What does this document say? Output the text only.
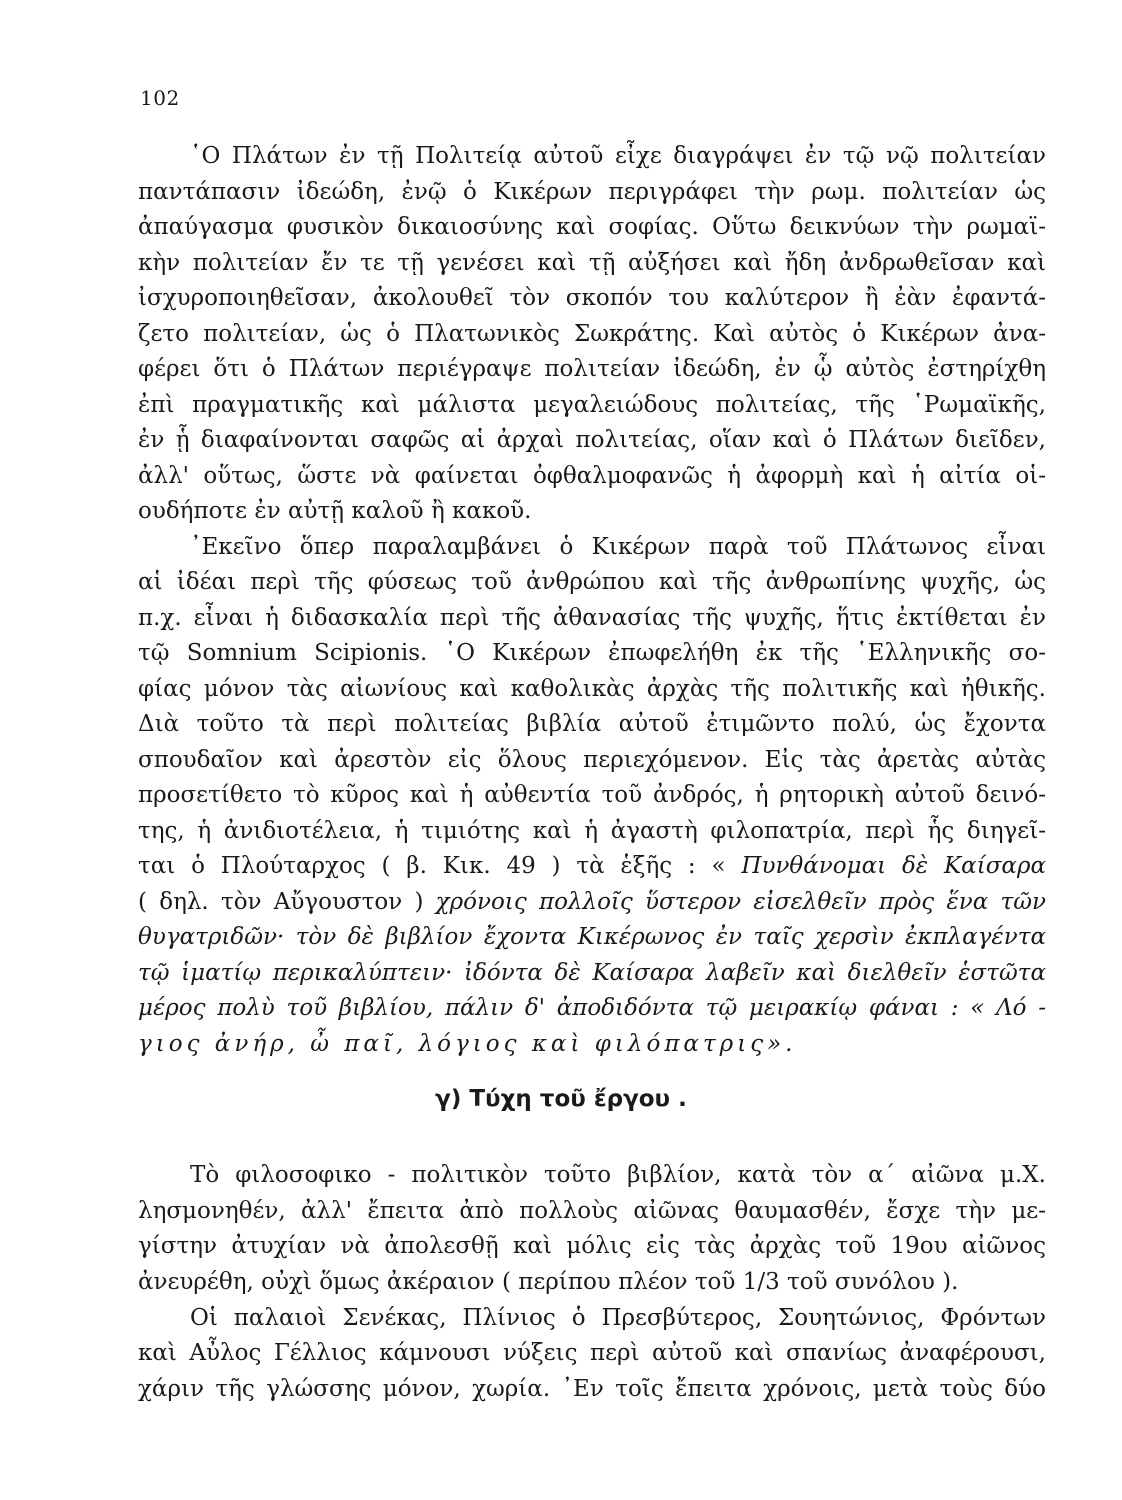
102
῾Ο Πλάτων ἐν τῇ Πολιτείᾳ αὐτοῦ εἶχε διαγράψει ἐν τῷ νῷ πολιτείαν
παντάπασιν ἰδεώδη, ἐνῷ ὁ Κικέρων περιγράφει τὴν ρωμ. πολιτείαν ὡς
ἀπαύγασμα φυσικὸν δικαιοσύνης καὶ σοφίας. Οὕτω δεικνύων τὴν ρωμαϊ-
κὴν πολιτείαν ἔν τε τῇ γενέσει καὶ τῇ αὐξήσει καὶ ἤδη ἀνδρωθεῖσαν καὶ
ἰσχυροποιηθεῖσαν, ἀκολουθεῖ τὸν σκοπόν του καλύτερον ἢ ἐὰν ἐφαντά-
ζετο πολιτείαν, ὡς ὁ Πλατωνικὸς Σωκράτης. Καὶ αὐτὸς ὁ Κικέρων ἀνα-
φέρει ὅτι ὁ Πλάτων περιέγραψε πολιτείαν ἰδεώδη, ἐν ᾧ αὐτὸς ἐστηρίχθη
ἐπὶ πραγματικῆς καὶ μάλιστα μεγαλειώδους πολιτείας, τῆς ῾Ρωμαϊκῆς,
ἐν ᾗ διαφαίνονται σαφῶς αἱ ἀρχαὶ πολιτείας, οἵαν καὶ ὁ Πλάτων διεῖδεν,
ἀλλ' οὕτως, ὥστε νὰ φαίνεται ὀφθαλμοφανῶς ἡ ἀφορμὴ καὶ ἡ αἰτία οἱ-
ουδήποτε ἐν αὐτῇ καλοῦ ἢ κακοῦ.
᾿Εκεῖνο ὅπερ παραλαμβάνει ὁ Κικέρων παρὰ τοῦ Πλάτωνος εἶναι
αἱ ἰδέαι περὶ τῆς φύσεως τοῦ ἀνθρώπου καὶ τῆς ἀνθρωπίνης ψυχῆς, ὡς
π.χ. εἶναι ἡ διδασκαλία περὶ τῆς ἀθανασίας τῆς ψυχῆς, ἥτις ἐκτίθεται ἐν
τῷ Somnium Scipionis. ῾Ο Κικέρων ἐπωφελήθη ἐκ τῆς ῾Ελληνικῆς σο-
φίας μόνον τὰς αἰωνίους καὶ καθολικὰς ἀρχὰς τῆς πολιτικῆς καὶ ἠθικῆς.
Διὰ τοῦτο τὰ περὶ πολιτείας βιβλία αὐτοῦ ἐτιμῶντο πολύ, ὡς ἔχοντα
σπουδαῖον καὶ ἀρεστὸν εἰς ὅλους περιεχόμενον. Εἰς τὰς ἀρετὰς αὐτὰς
προσετίθετο τὸ κῦρος καὶ ἡ αὐθεντία τοῦ ἀνδρός, ἡ ρητορικὴ αὐτοῦ δεινό-
της, ἡ ἀνιδιοτέλεια, ἡ τιμιότης καὶ ἡ ἀγαστὴ φιλοπατρία, περὶ ἧς διηγεῖ-
ται ὁ Πλούταρχος ( β. Κικ. 49 ) τὰ ἑξῆς : « Πυνθάνομαι δὲ Καίσαρα
( δηλ. τὸν Αὔγουστον ) χρόνοις πολλοῖς ὕστερον εἰσελθεῖν πρὸς ἕνα τῶν
θυγατριδῶν· τὸν δὲ βιβλίον ἔχοντα Κικέρωνος ἐν ταῖς χερσὶν ἐκπλαγέντα
τῷ ἱματίῳ περικαλύπτειν· ἰδόντα δὲ Καίσαρα λαβεῖν καὶ διελθεῖν ἑστῶτα
μέρος πολὺ τοῦ βιβλίου, πάλιν δ' ἀποδιδόντα τῷ μειρακίῳ φάναι : « Λό -
γιος ἀνήρ, ὦ παῖ, λόγιος καὶ φιλόπατρις».
γ) Τύχη τοῦ ἔργου .
Τὸ φιλοσοφικο - πολιτικὸν τοῦτο βιβλίον, κατὰ τὸν α΄ αἰῶνα μ.Χ.
λησμονηθέν, ἀλλ' ἔπειτα ἀπὸ πολλοὺς αἰῶνας θαυμασθέν, ἔσχε τὴν με-
γίστην ἀτυχίαν νὰ ἀπολεσθῇ καὶ μόλις εἰς τὰς ἀρχὰς τοῦ 19ου αἰῶνος
ἀνευρέθη, οὐχὶ ὅμως ἀκέραιον ( περίπου πλέον τοῦ 1/3 τοῦ συνόλου ).
Οἱ παλαιοὶ Σενέκας, Πλίνιος ὁ Πρεσβύτερος, Σουητώνιος, Φρόντων
καὶ Αὖλος Γέλλιος κάμνουσι νύξεις περὶ αὐτοῦ καὶ σπανίως ἀναφέρουσι,
χάριν τῆς γλώσσης μόνον, χωρία. ᾿Εν τοῖς ἔπειτα χρόνοις, μετὰ τοὺς δύο
